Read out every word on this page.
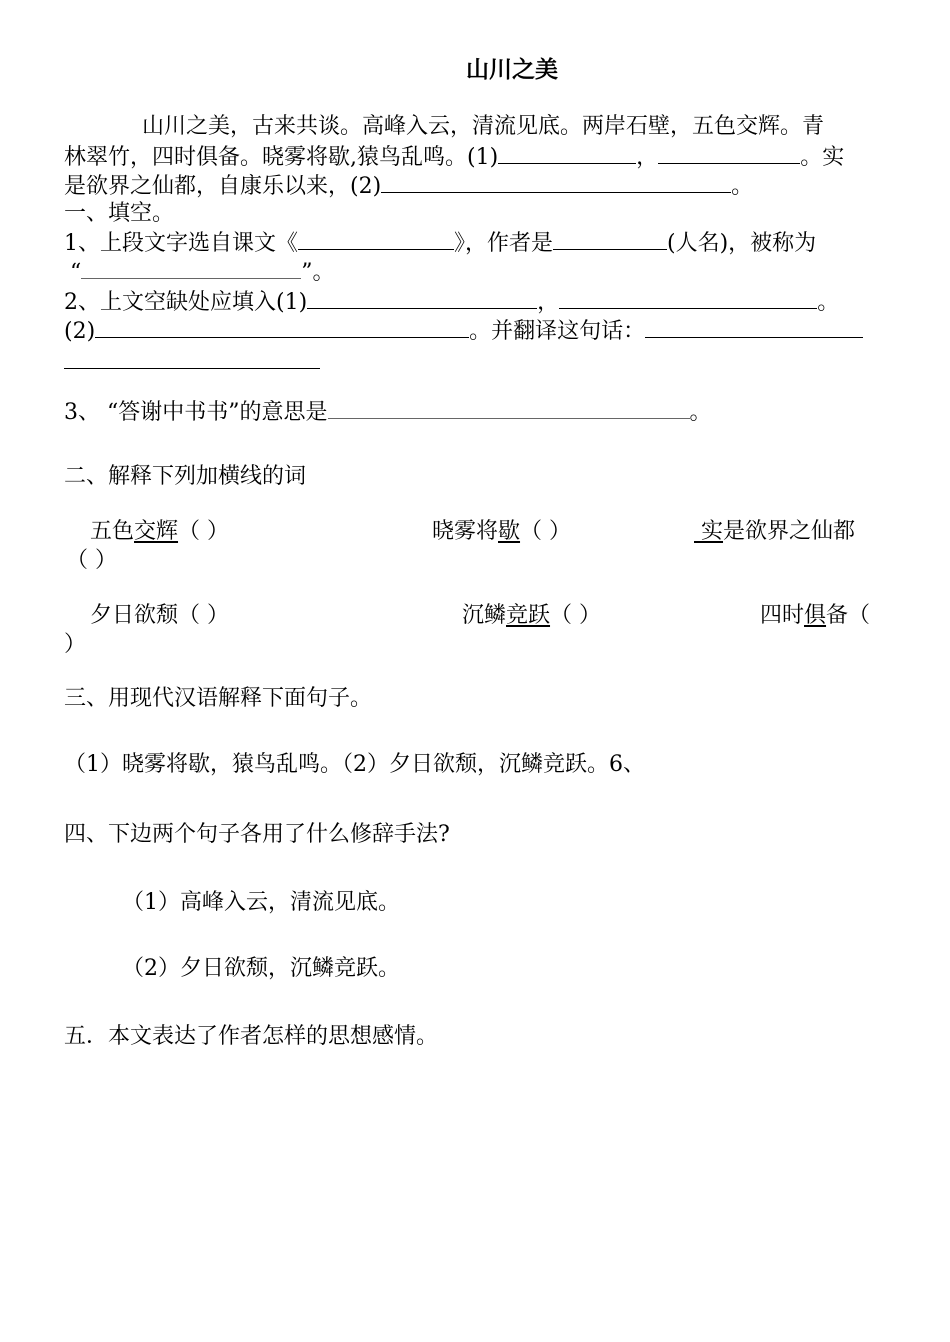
山川之美
山川之美，古来共谈。高峰入云，清流见底。两岸石壁，五色交辉。青
林翠竹，四时俱备。晓雾将歇,猿鸟乱鸣。(1)	，	。实
是欲界之仙都，自康乐以来，(2)	。
一、填空。
1、上段文字选自课文《	》，作者是	(人名)，被称为
“	”。
2、上文空缺处应填入(1)	，	。
(2)	。并翻译这句话：
3、 “答谢中书书”的意思是	。
二、解释下列加横线的词
五色交辉（ ）	晓雾将歇（ ）	实是欲界之仙都
（ ）
夕日欲颓（ ）	沉鳞竞跃（ ）	四时俱备（
）
三、用现代汉语解释下面句子。
（1）晓雾将歇，猿鸟乱鸣。（2）夕日欲颓，沉鳞竞跃。6、
四、下边两个句子各用了什么修辞手法?
（1）高峰入云，清流见底。
（2）夕日欲颓，沉鳞竞跃。
五．本文表达了作者怎样的思想感情。
